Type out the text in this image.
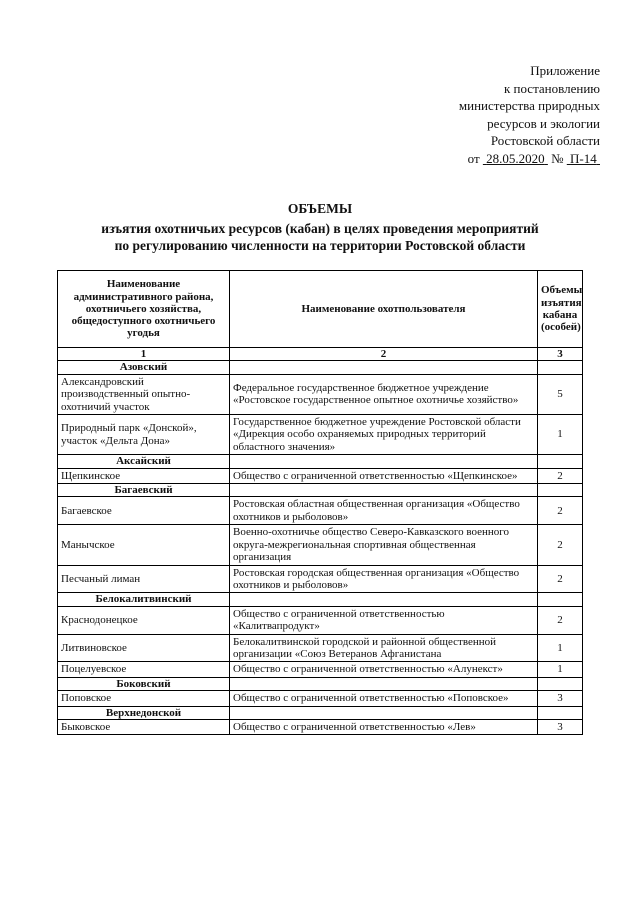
Приложение
к постановлению
министерства природных
ресурсов и экологии
Ростовской области
от 28.05.2020 № П-14
ОБЪЕМЫ
изъятия охотничьих ресурсов (кабан) в целях проведения мероприятий
по регулированию численности на территории Ростовской области
Наименование административного района, охотничьего хозяйства, общедоступного охотничьего угодья	Наименование охотпользователя	Объемы изъятия кабана (особей)
1	2	3
Азовский		
Александровский производственный опытно-охотничий участок	Федеральное государственное бюджетное учреждение «Ростовское государственное опытное охотничье хозяйство»	5
Природный парк «Донской», участок «Дельта Дона»	Государственное бюджетное учреждение Ростовской области «Дирекция особо охраняемых природных территорий областного значения»	1
Аксайский		
Щепкинское	Общество с ограниченной ответственностью «Щепкинское»	2
Багаевский		
Багаевское	Ростовская областная общественная организация «Общество охотников и рыболовов»	2
Манычское	Военно-охотничье общество Северо-Кавказского военного округа-межрегиональная спортивная общественная организация	2
Песчаный лиман	Ростовская городская общественная организация «Общество охотников и рыболовов»	2
Белокалитвинский		
Краснодонецкое	Общество с ограниченной ответственностью «Калитвапродукт»	2
Литвиновское	Белокалитвинской городской и районной общественной организации «Союз Ветеранов Афганистана	1
Поцелуевское	Общество с ограниченной ответственностью «Алунекст»	1
Боковский		
Поповское	Общество с ограниченной ответственностью «Поповское»	3
Верхнедонской		
Быковское	Общество с ограниченной ответственностью «Лев»	3
